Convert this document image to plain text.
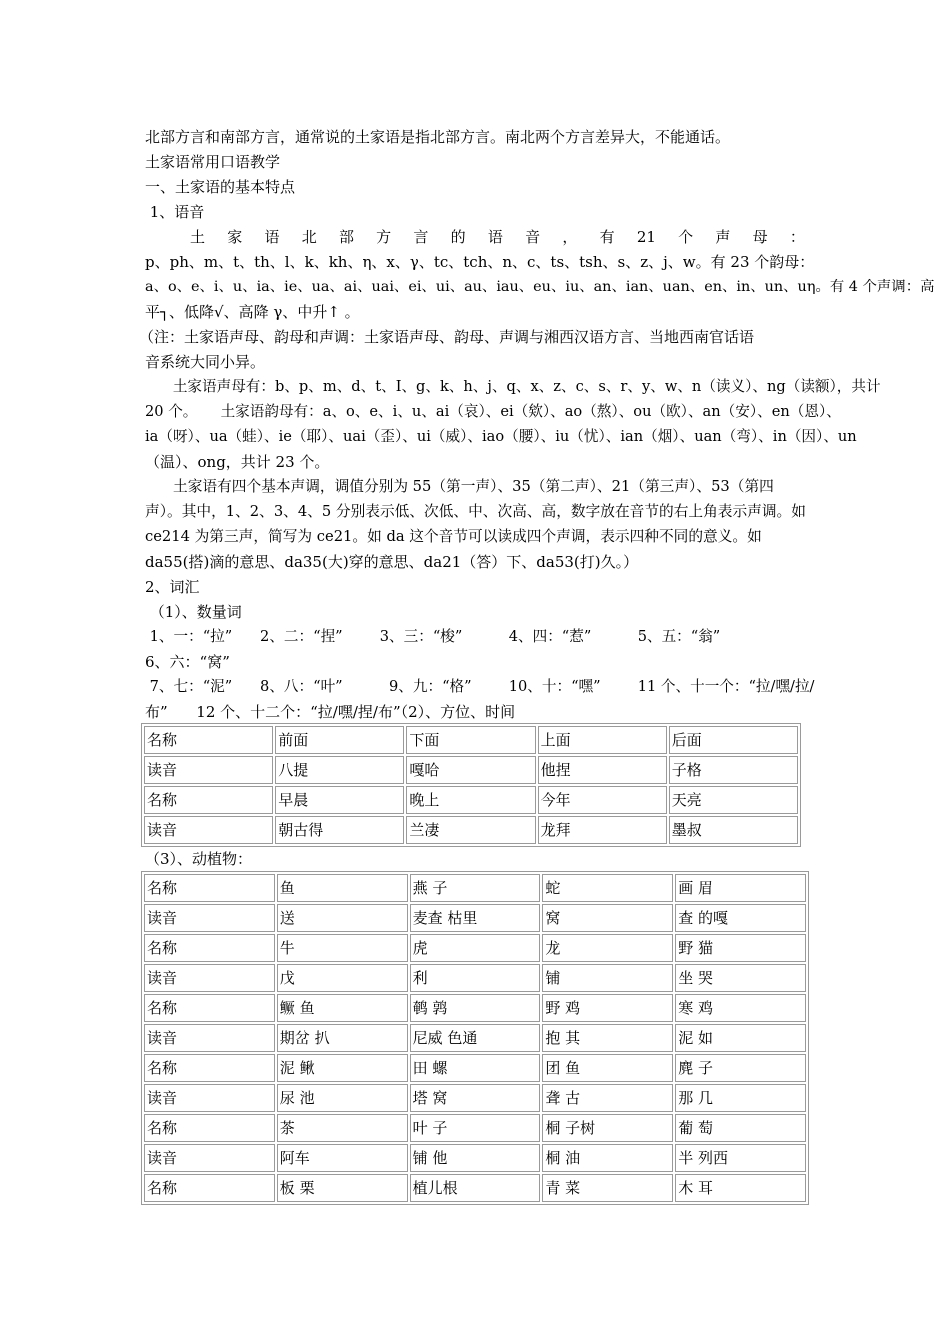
北部方言和南部方言，通常说的土家语是指北部方言。南北两个方言差异大，不能通话。
土家语常用口语教学
一、土家语的基本特点
1、语音
土 家 语 北 部 方 言 的 语 音 ， 有 21 个 声 母 ：
p、ph、m、t、th、l、k、kh、η、x、γ、tc、tch、n、c、ts、tsh、s、z、j、w。有 23 个韵母：
a、o、e、i、u、ia、ie、ua、ai、uai、ei、ui、au、iau、eu、iu、an、ian、uan、en、in、un、uη。有 4 个声调：高
平┐、低降√、高降 γ、中升↑ 。
（注：土家语声母、韵母和声调：土家语声母、韵母、声调与湘西汉语方言、当地西南官话语
音系统大同小异。
土家语声母有：b、p、m、d、t、I、g、k、h、j、q、x、z、c、s、r、y、w、n（读义）、ng（读额），共计
20 个。     土家语韵母有：a、o、e、i、u、ai（哀）、ei（欸）、ao（熬）、ou（欧）、an（安）、en（恩）、
ia（呀）、ua（蛙）、ie（耶）、uai（歪）、ui（威）、iao（腰）、iu（忧）、ian（烟）、uan（弯）、in（因）、un
（温）、ong，共计 23 个。
土家语有四个基本声调，调值分别为 55（第一声）、35（第二声）、21（第三声）、53（第四
声）。其中，1、2、3、4、5 分别表示低、次低、中、次高、高，数字放在音节的右上角表示声调。如
ce214 为第三声，简写为 ce21。如 da 这个音节可以读成四个声调，表示四种不同的意义。如
da55(搭)滴的意思、da35(大)穿的意思、da21（答）下、da53(打)久。）
2、词汇
（1）、数量词
1、一：“拉”      2、二：“捏”        3、三：“梭”          4、四：“惹”          5、五：“翁”
6、六：“窝”
7、七：“泥”      8、八：“叶”          9、九：“格”        10、十：“嘿”        11 个、十一个：“拉/嘿/拉/
布”      12 个、十二个：“拉/嘿/捏/布”（2）、方位、时间
名称	前面	下面	上面	后面
读音	八提	嘎哈	他捏	子格
名称	早晨	晚上	今年	天亮
读音	朝古得	兰凄	龙拜	墨叔
（3）、动植物：
名称	鱼	燕 子	蛇	画 眉
读音	送	麦查 枯里	窝	查 的嘎
名称	牛	虎	龙	野 猫
读音	戊	利	铺	坐 哭
名称	鳜 鱼	鹌 鹑	野 鸡	寒 鸡
读音	期岔 扒	尼威 色通	抱 其	泥 如
名称	泥 鳅	田 螺	团 鱼	麂 子
读音	尿 池	塔 窝	聋 古	那 几
名称	茶	叶 子	桐 子树	葡 萄
读音	阿车	铺 他	桐 油	半 列西
名称	板 栗	植儿根	青 菜	木 耳
